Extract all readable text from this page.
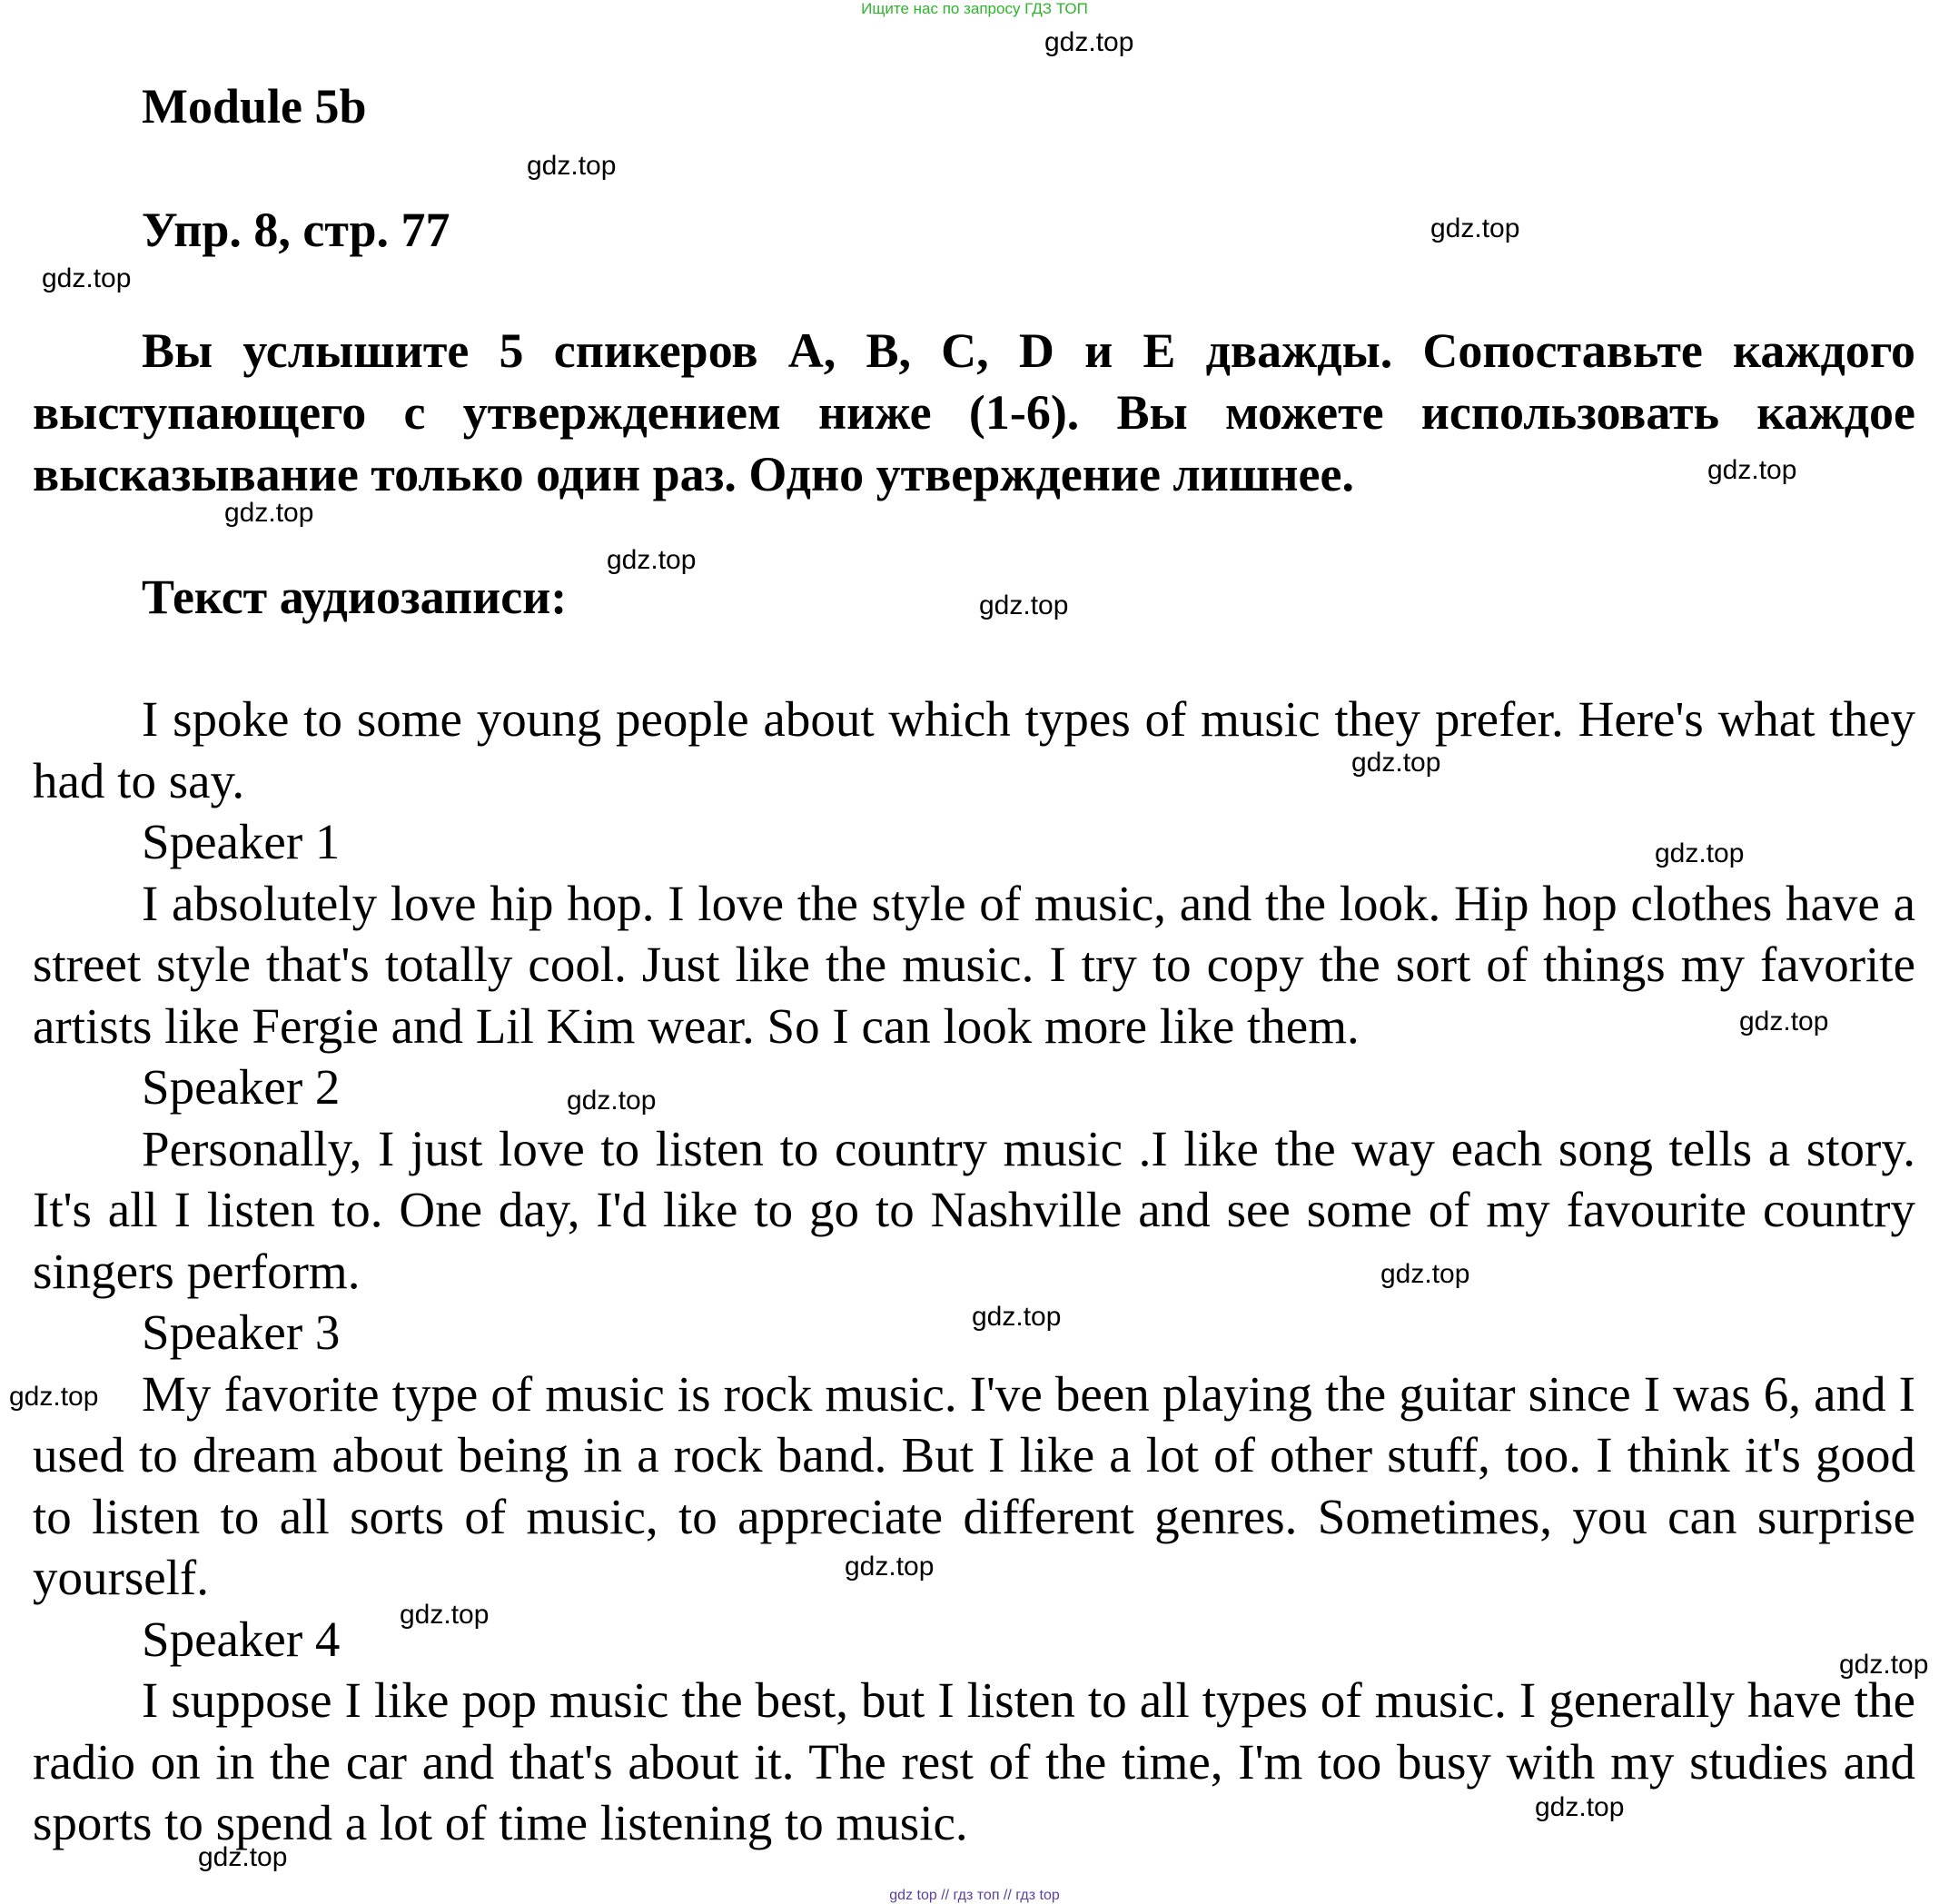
Ищите нас по запросу ГДЗ ТОП
Module 5b
Упр. 8, стр. 77
Вы услышите 5 спикеров A, B, C, D и E дважды. Сопоставьте каждого выступающего с утверждением ниже (1-6). Вы можете использовать каждое высказывание только один раз. Одно утверждение лишнее.
Текст аудиозаписи:

I spoke to some young people about which types of music they prefer. Here's what they had to say.

Speaker 1

I absolutely love hip hop. I love the style of music, and the look. Hip hop clothes have a street style that's totally cool. Just like the music. I try to copy the sort of things my favorite artists like Fergie and Lil Kim wear. So I can look more like them.

Speaker 2

Personally, I just love to listen to country music .I like the way each song tells a story. It's all I listen to. One day, I'd like to go to Nashville and see some of my favourite country singers perform.

Speaker 3

My favorite type of music is rock music. I've been playing the guitar since I was 6, and I used to dream about being in a rock band. But I like a lot of other stuff, too. I think it's good to listen to all sorts of music, to appreciate different genres. Sometimes, you can surprise yourself.

Speaker 4

I suppose I like pop music the best, but I listen to all types of music. I generally have the radio on in the car and that's about it. The rest of the time, I'm too busy with my studies and sports to spend a lot of time listening to music.

gdz.top
gdz.top
gdz.top
gdz.top
gdz.top
gdz.top
gdz.top
gdz.top
gdz.top
gdz.top
gdz.top
gdz.top
gdz.top
gdz.top
gdz.top
gdz.top
gdz.top
gdz.top
gdz.top
gdz.top
gdz top // гдз топ // гдз top
